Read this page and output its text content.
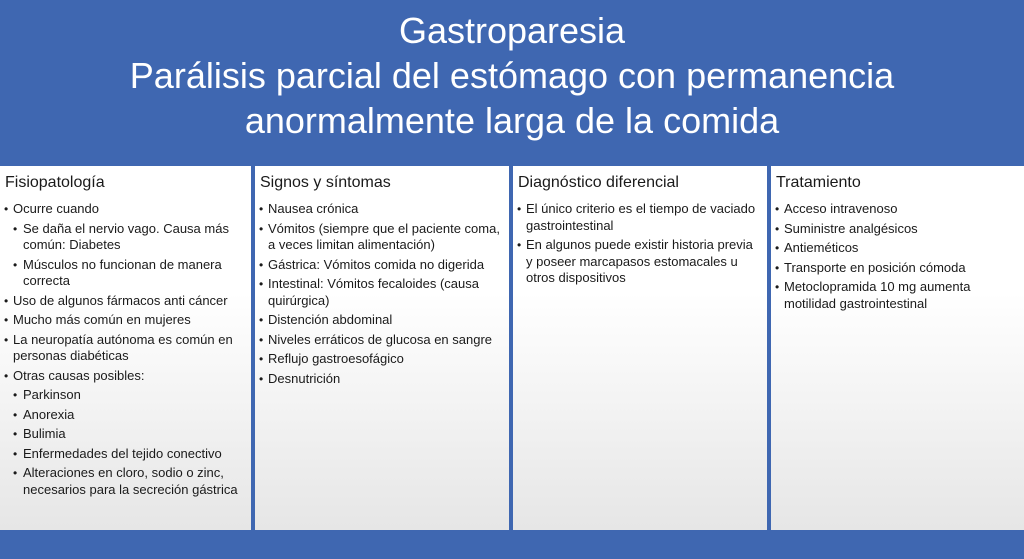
Gastroparesia
Parálisis parcial del estómago con permanencia
anormalmente larga de la comida
Fisiopatología
• Ocurre cuando
• Se daña el nervio vago. Causa más común: Diabetes
• Músculos no funcionan de manera correcta
• Uso de algunos fármacos anti cáncer
• Mucho más común en mujeres
• La neuropatía autónoma es común en personas diabéticas
• Otras causas posibles:
• Parkinson
• Anorexia
• Bulimia
• Enfermedades del tejido conectivo
• Alteraciones en cloro, sodio o zinc, necesarios para la secreción gástrica
Signos y síntomas
• Nausea crónica
• Vómitos (siempre que el paciente coma, a veces limitan alimentación)
• Gástrica: Vómitos comida no digerida
• Intestinal: Vómitos fecaloides (causa quirúrgica)
• Distención abdominal
• Niveles erráticos de glucosa en sangre
• Reflujo gastroesofágico
• Desnutrición
Diagnóstico diferencial
• El único criterio es el tiempo de vaciado gastrointestinal
• En algunos puede existir historia previa y poseer marcapasos estomacales u otros dispositivos
Tratamiento
• Acceso intravenoso
• Suministre analgésicos
• Antieméticos
• Transporte en posición cómoda
• Metoclopramida 10 mg aumenta motilidad gastrointestinal
